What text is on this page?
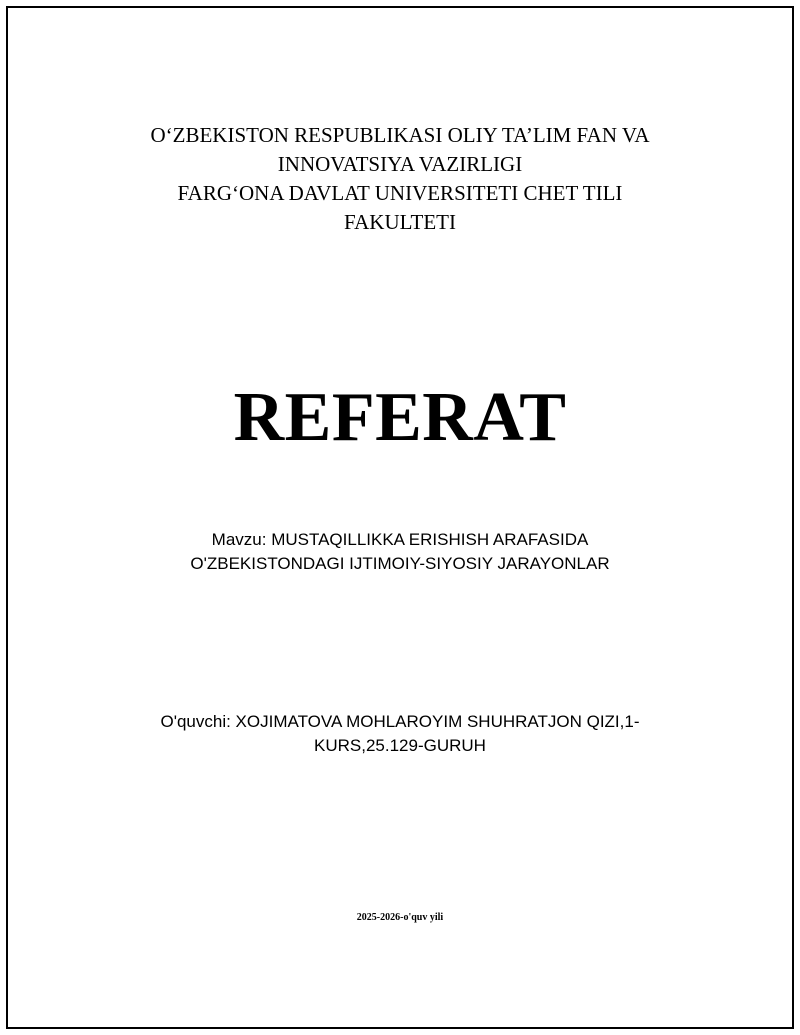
O‘ZBEKISTON RESPUBLIKASI OLIY TA’LIM FAN VA
INNOVATSIYA VAZIRLIGI
FARG‘ONA DAVLAT UNIVERSITETI CHET TILI
FAKULTETI
REFERAT
Mavzu: MUSTAQILLIKKA ERISHISH ARAFASIDA
O'ZBEKISTONDAGI IJTIMOIY-SIYOSIY JARAYONLAR
O'quvchi: XOJIMATOVA MOHLAROYIM SHUHRATJON QIZI,1-
KURS,25.129-GURUH
2025-2026-o'quv yili
